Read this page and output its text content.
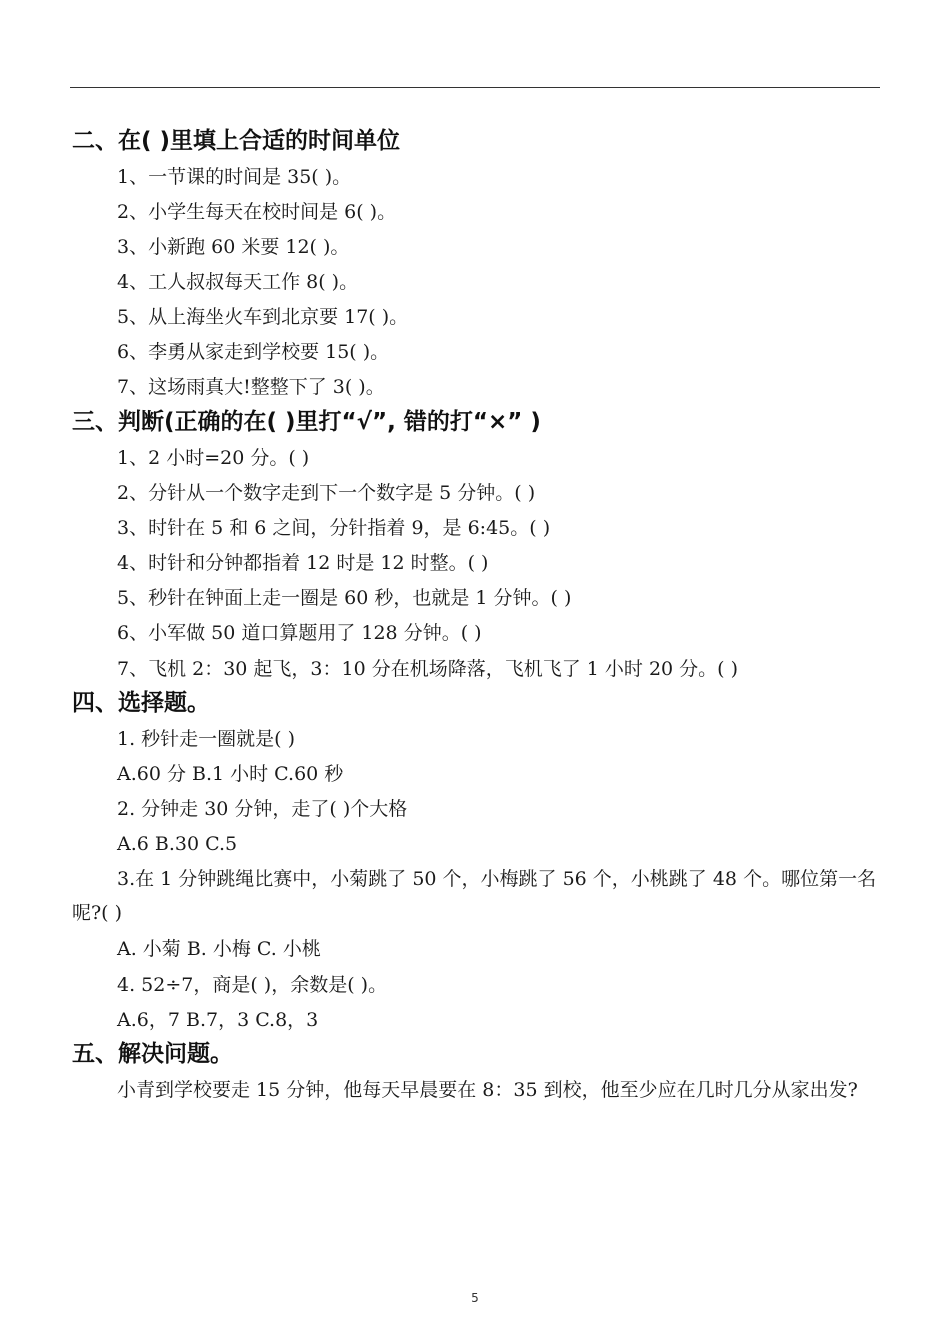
二、在( )里填上合适的时间单位
1、一节课的时间是 35( )。
2、小学生每天在校时间是 6( )。
3、小新跑 60 米要 12( )。
4、工人叔叔每天工作 8( )。
5、从上海坐火车到北京要 17( )。
6、李勇从家走到学校要 15( )。
7、这场雨真大!整整下了 3( )。
三、判断(正确的在( )里打“√”, 错的打“×” )
1、2 小时=20 分。( )
2、分针从一个数字走到下一个数字是 5 分钟。( )
3、时针在 5 和 6 之间，分针指着 9，是 6:45。( )
4、时针和分钟都指着 12 时是 12 时整。( )
5、秒针在钟面上走一圈是 60 秒，也就是 1 分钟。( )
6、小军做 50 道口算题用了 128 分钟。( )
7、飞机 2：30 起飞，3：10 分在机场降落，飞机飞了 1 小时 20 分。( )
四、选择题。
1. 秒针走一圈就是( )
A.60 分 B.1 小时 C.60 秒
2. 分钟走 30 分钟，走了( )个大格
A.6 B.30 C.5
3.在 1 分钟跳绳比赛中，小菊跳了 50 个，小梅跳了 56 个，小桃跳了 48 个。哪位第一名呢?( )
A. 小菊 B. 小梅 C. 小桃
4. 52÷7，商是( )，余数是( )。
A.6，7 B.7，3 C.8，3
五、解决问题。
小青到学校要走 15 分钟，他每天早晨要在 8：35 到校，他至少应在几时几分从家出发?
5
